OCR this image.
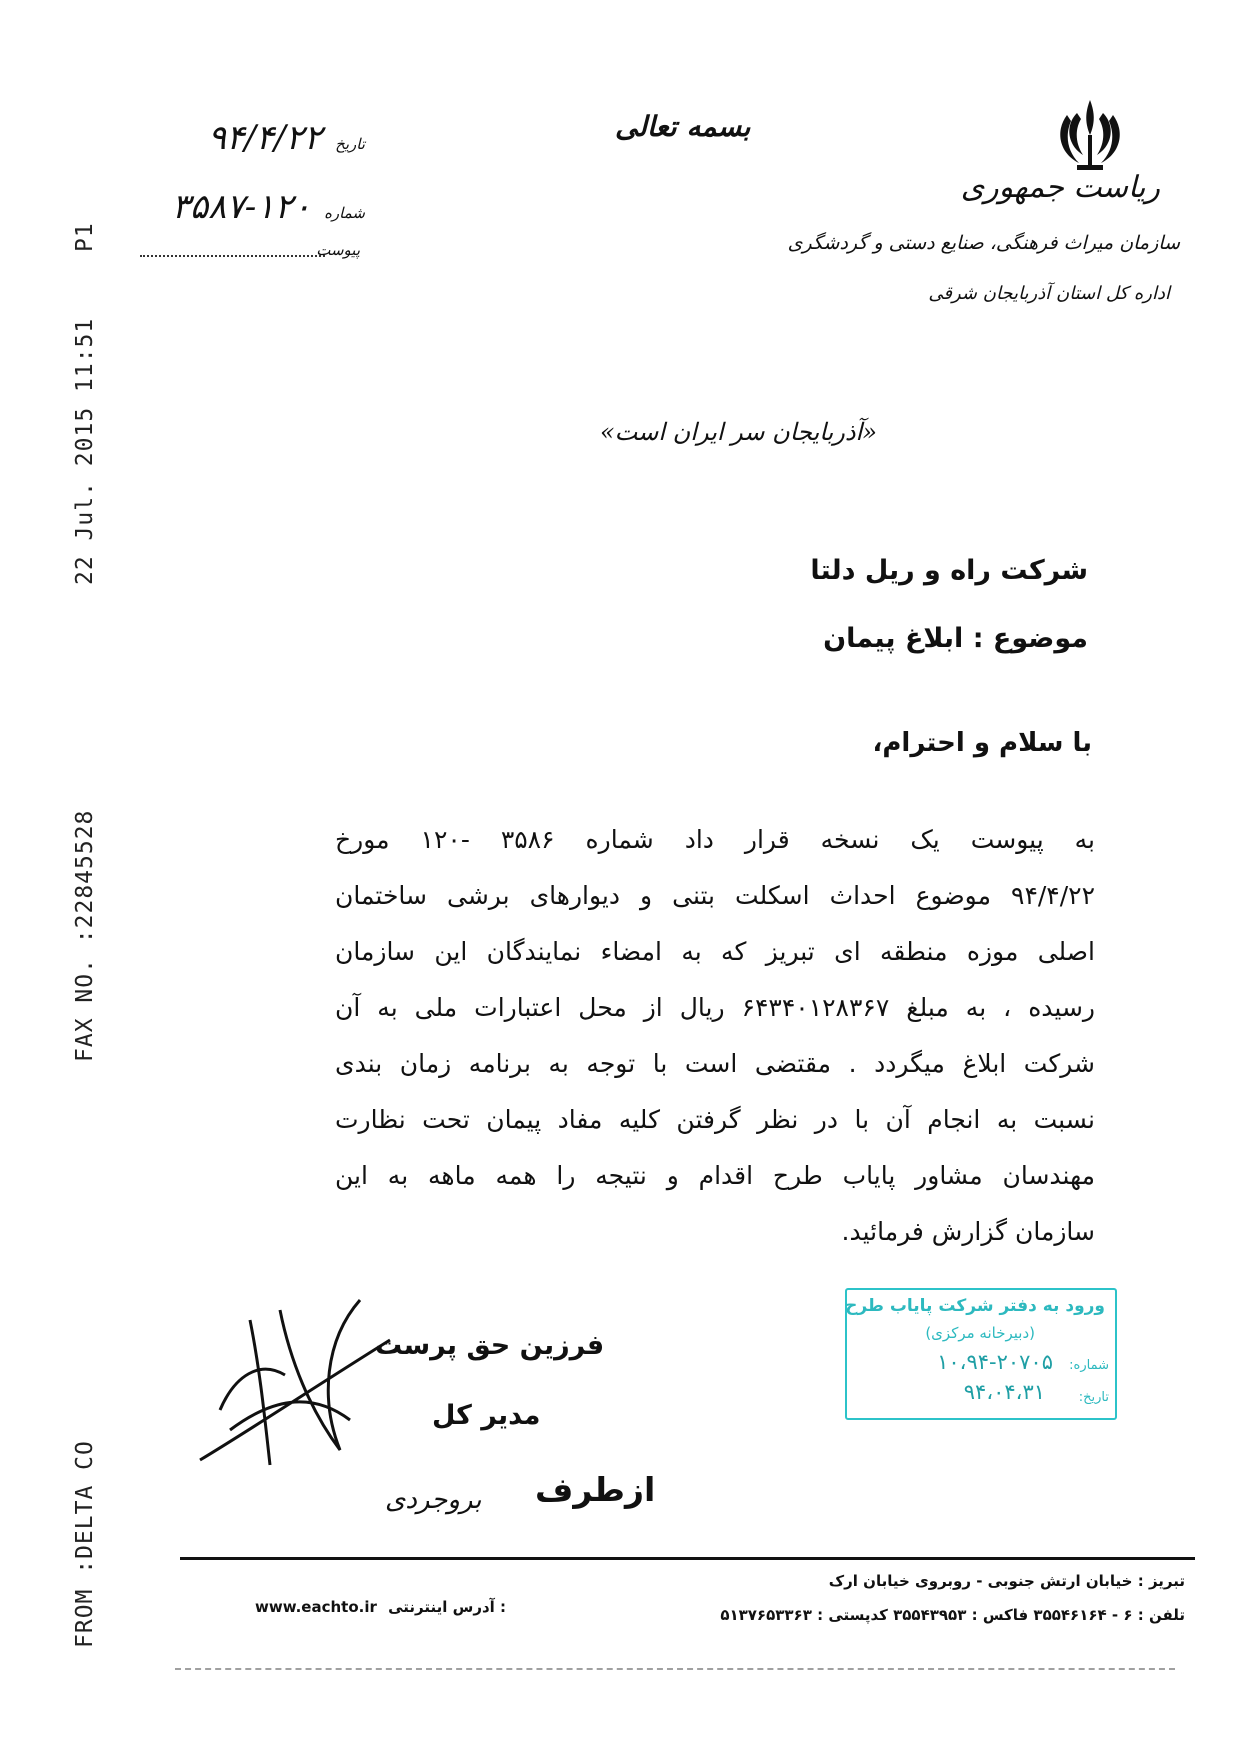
22 Jul. 2015 11:51
P1
FAX NO. :22845528
FROM :DELTA CO
ریاست جمهوری
سازمان میراث فرهنگی، صنایع دستی و گردشگری
اداره کل استان آذربایجان شرقی
بسمه تعالی
تاریخ ۹۴/۴/۲۲
شماره ۱۲۰-۳۵۸۷
پیوست
«آذربایجان سر ایران است»
شرکت راه و ریل دلتا
موضوع : ابلاغ پیمان
با سلام و احترام،

به پیوست یک نسخه قرار داد شماره ۳۵۸۶ -۱۲۰ مورخ

۹۴/۴/۲۲ موضوع احداث اسکلت بتنی و دیوارهای برشی ساختمان

اصلی موزه منطقه ای تبریز که به امضاء نمایندگان این سازمان

رسیده ، به مبلغ ۶۴۳۴۰۱۲۸۳۶۷ ریال از محل اعتبارات ملی به آن

شرکت ابلاغ میگردد . مقتضی است با توجه به برنامه زمان بندی

نسبت به انجام آن با در نظر گرفتن کلیه مفاد پیمان تحت نظارت

مهندسان مشاور پایاب طرح اقدام و نتیجه را همه ماهه به این

سازمان گزارش فرمائید.

فرزین حق پرست
مدیر کل
ازطرف
بروجردی
ورود به دفتر شرکت پایاب طرح
(دبیرخانه مرکزی)
شماره:
۱۰،۹۴-۲۰۷۰۵
تاریخ:
۹۴،۰۴،۳۱
تبریز : خیابان ارتش جنوبی - روبروی خیابان ارک
تلفن : ۶ - ۳۵۵۴۶۱۶۴ فاکس : ۳۵۵۴۳۹۵۳ کدپستی : ۵۱۳۷۶۵۳۳۶۳
www.eachto.ir آدرس اینترنتی :
